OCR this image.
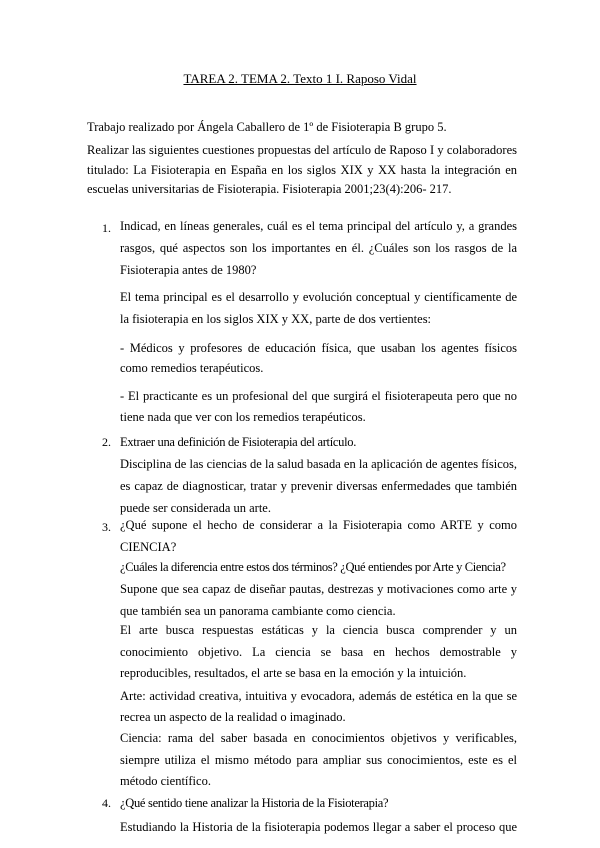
TAREA 2. TEMA 2. Texto 1 I. Raposo Vidal

Trabajo realizado por Ángela Caballero de 1º de Fisioterapia B grupo 5.

Realizar las siguientes cuestiones propuestas del artículo de Raposo I y colaboradores titulado: La Fisioterapia en España en los siglos XIX y XX hasta la integración en escuelas universitarias de Fisioterapia. Fisioterapia 2001;23(4):206- 217.

1. Indicad, en líneas generales, cuál es el tema principal del artículo y, a grandes rasgos, qué aspectos son los importantes en él. ¿Cuáles son los rasgos de la Fisioterapia antes de 1980?

El tema principal es el desarrollo y evolución conceptual y científicamente de la fisioterapia en los siglos XIX y XX, parte de dos vertientes:

- Médicos y profesores de educación física, que usaban los agentes físicos como remedios terapéuticos.

- El practicante es un profesional del que surgirá el fisioterapeuta pero que no tiene nada que ver con los remedios terapéuticos.

2. Extraer una definición de Fisioterapia del artículo.

Disciplina de las ciencias de la salud basada en la aplicación de agentes físicos, es capaz de diagnosticar, tratar y prevenir diversas enfermedades que también puede ser considerada un arte.

3. ¿Qué supone el hecho de considerar a la Fisioterapia como ARTE y como CIENCIA?

¿Cuáles la diferencia entre estos dos términos? ¿Qué entiendes por Arte y Ciencia?

Supone que sea capaz de diseñar pautas, destrezas y motivaciones como arte y que también sea un panorama cambiante como ciencia.

El arte busca respuestas estáticas y la ciencia busca comprender y un conocimiento objetivo. La ciencia se basa en hechos demostrable y reproducibles, resultados, el arte se basa en la emoción y la intuición.

Arte: actividad creativa, intuitiva y evocadora, además de estética en la que se recrea un aspecto de la realidad o imaginado.

Ciencia: rama del saber basada en conocimientos objetivos y verificables, siempre utiliza el mismo método para ampliar sus conocimientos, este es el método científico.

4. ¿Qué sentido tiene analizar la Historia de la Fisioterapia?

Estudiando la Historia de la fisioterapia podemos llegar a saber el proceso que
